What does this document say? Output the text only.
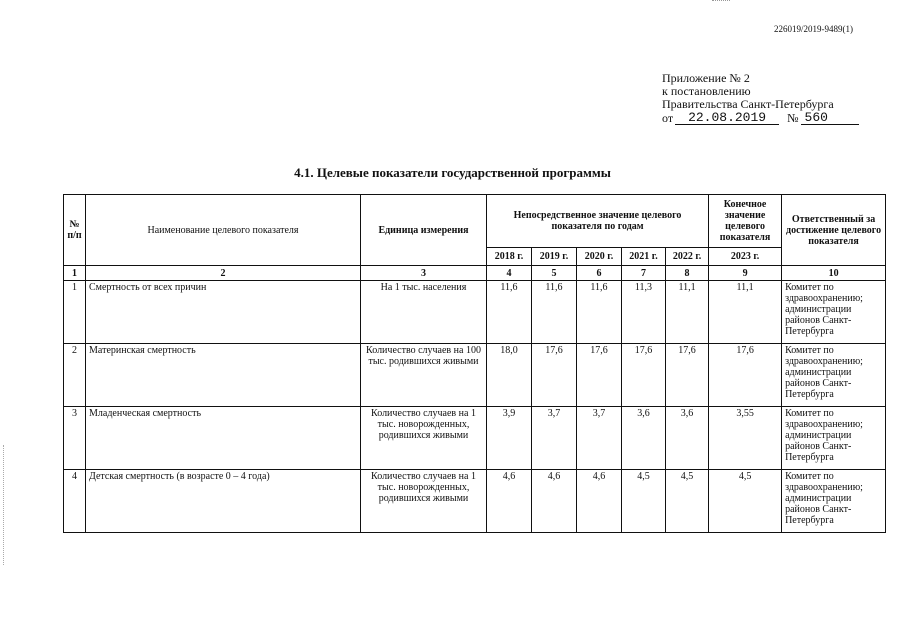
226019/2019-9489(1)
Приложение № 2
к постановлению
Правительства Санкт-Петербурга
от	22.08.2019	№ 560
4.1. Целевые показатели государственной программы
№ п/п	Наименование целевого показателя	Единица измерения	Непосредственное значение целевого показателя по годам					Конечное значение целевого показателя	Ответственный за достижение целевого показателя
			2018 г.	2019 г.	2020 г.	2021 г.	2022 г.	2023 г.	
1	2	3	4	5	6	7	8	9	10
1	Смертность от всех причин	На 1 тыс. населения	11,6	11,6	11,6	11,3	11,1	11,1	Комитет по здравоохранению; администрации районов Санкт-Петербурга
2	Материнская смертность	Количество случаев на 100 тыс. родившихся живыми	18,0	17,6	17,6	17,6	17,6	17,6	Комитет по здравоохранению; администрации районов Санкт-Петербурга
3	Младенческая смертность	Количество случаев на 1 тыс. новорожденных, родившихся живыми	3,9	3,7	3,7	3,6	3,6	3,55	Комитет по здравоохранению; администрации районов Санкт-Петербурга
4	Детская смертность (в возрасте 0 – 4 года)	Количество случаев на 1 тыс. новорожденных, родившихся живыми	4,6	4,6	4,6	4,5	4,5	4,5	Комитет по здравоохранению; администрации районов Санкт-Петербурга
